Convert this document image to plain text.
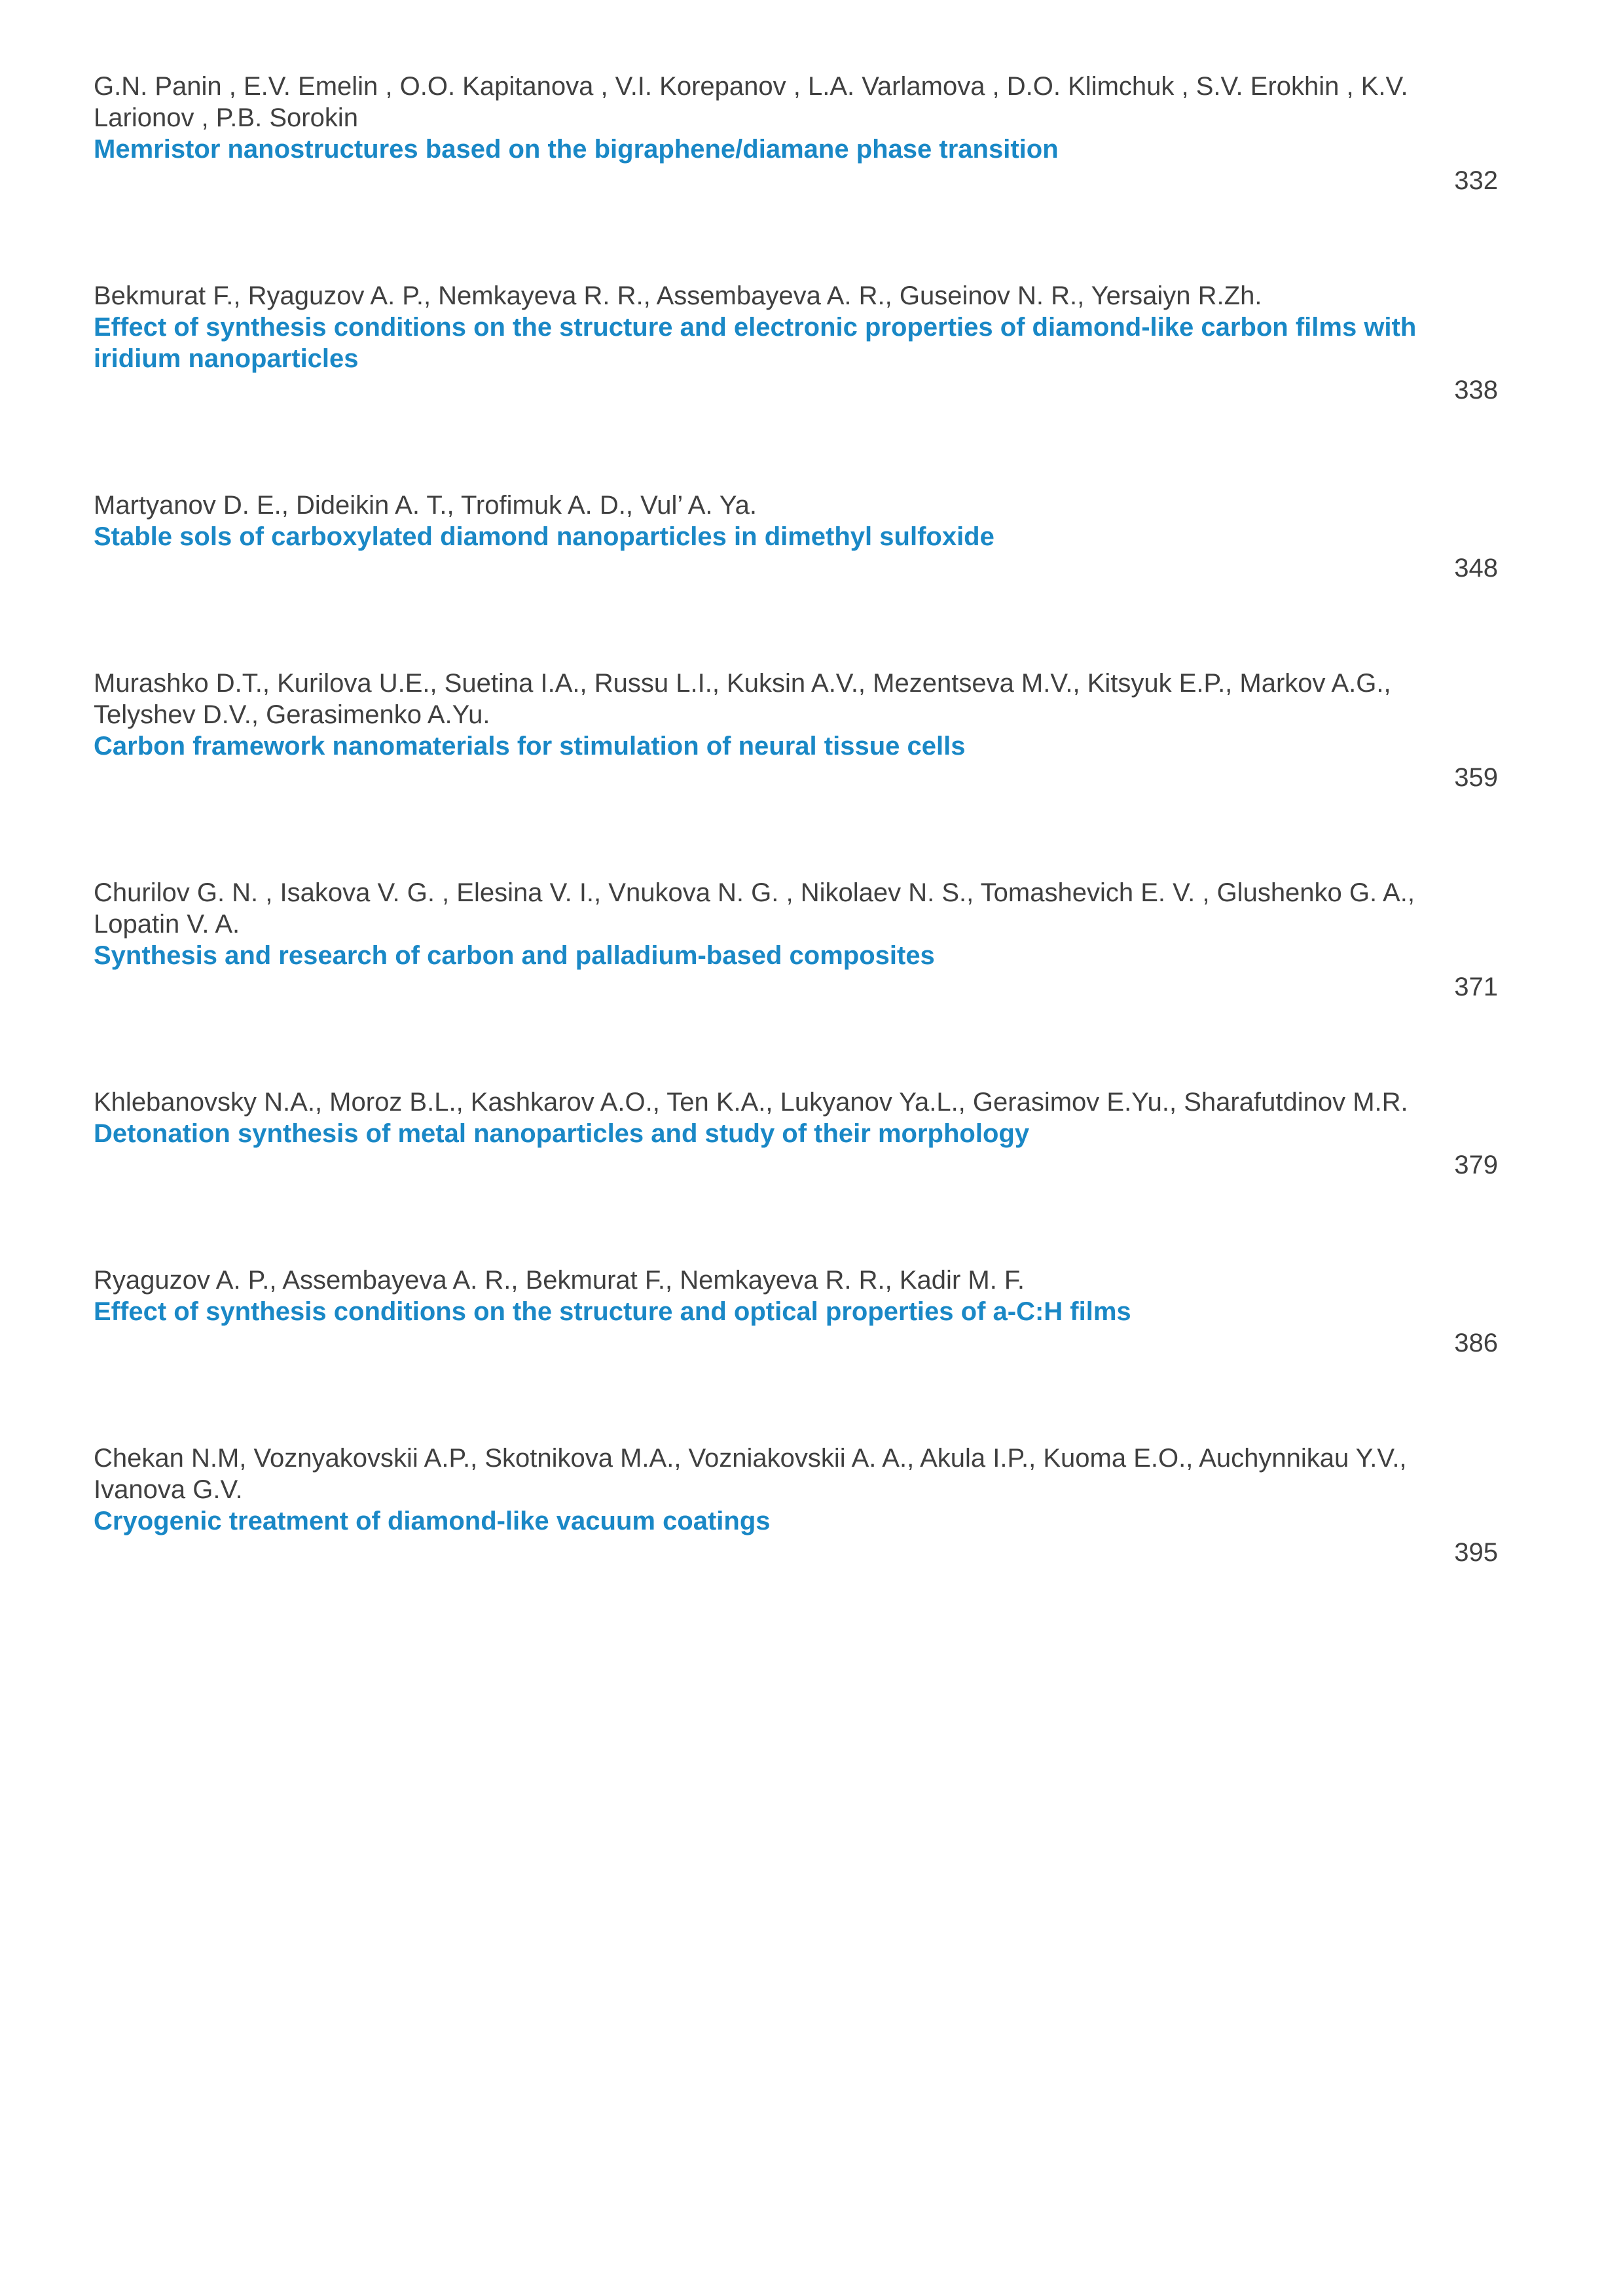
G.N. Panin , E.V. Emelin , O.O. Kapitanova , V.I. Korepanov , L.A. Varlamova , D.O. Klimchuk , S.V. Erokhin , K.V. Larionov , P.B. Sorokin

Memristor nanostructures based on the bigraphene/diamane phase transition

332

Bekmurat F., Ryaguzov A. P., Nemkayeva R. R., Assembayeva A. R., Guseinov N. R., Yersaiyn R.Zh.

Effect of synthesis conditions on the structure and electronic properties of diamond-like carbon films with iridium nanoparticles

338

Martyanov D. E., Dideikin A. T., Trofimuk A. D., Vul’ A. Ya.

Stable sols of carboxylated diamond nanoparticles in dimethyl sulfoxide

348

Murashko D.T., Kurilova U.E., Suetina I.A., Russu L.I., Kuksin A.V., Mezentseva M.V., Kitsyuk E.P., Markov A.G., Telyshev D.V., Gerasimenko A.Yu.

Carbon framework nanomaterials for stimulation of neural tissue cells

359

Churilov G. N. , Isakova V. G. , Elesina V. I., Vnukova N. G. , Nikolaev N. S., Tomashevich E. V. , Glushenko G. A., Lopatin V. A.

Synthesis and research of carbon and palladium-based composites

371

Khlebanovsky N.A., Moroz B.L., Kashkarov A.O., Ten K.A., Lukyanov Ya.L., Gerasimov E.Yu., Sharafutdinov M.R.

Detonation synthesis of metal nanoparticles and study of their morphology

379

Ryaguzov A. P., Assembayeva A. R., Bekmurat F., Nemkayeva R. R., Kadir M. F.

Effect of synthesis conditions on the structure and optical properties of a-C:H films

386

Chekan N.M, Voznyakovskii A.P., Skotnikova M.A., Vozniakovskii A. A., Akula I.P., Kuoma E.O., Auchynnikau Y.V., Ivanova G.V.

Cryogenic treatment of diamond-like vacuum coatings

395
